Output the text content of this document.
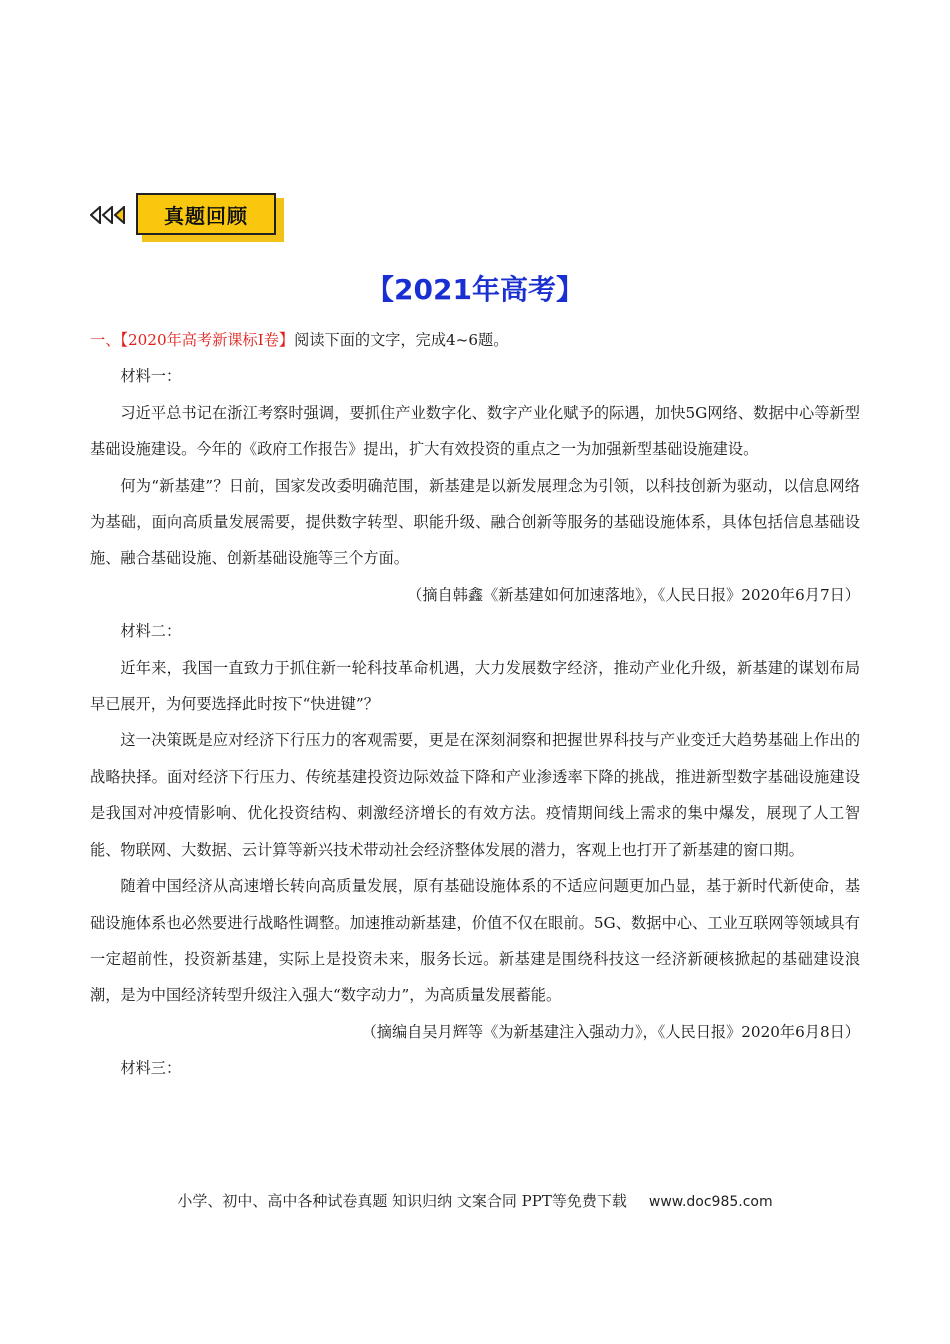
真题回顾
【2021年高考】

一、【2020年高考新课标Ⅰ卷】阅读下面的文字，完成4~6题。

材料一：

习近平总书记在浙江考察时强调，要抓住产业数字化、数字产业化赋予的际遇，加快5G网络、数据中心等新型基础设施建设。今年的《政府工作报告》提出，扩大有效投资的重点之一为加强新型基础设施建设。

何为“新基建”？日前，国家发改委明确范围，新基建是以新发展理念为引领，以科技创新为驱动，以信息网络为基础，面向高质量发展需要，提供数字转型、职能升级、融合创新等服务的基础设施体系，具体包括信息基础设施、融合基础设施、创新基础设施等三个方面。

（摘自韩鑫《新基建如何加速落地》，《人民日报》2020年6月7日）

材料二：

近年来，我国一直致力于抓住新一轮科技革命机遇，大力发展数字经济，推动产业化升级，新基建的谋划布局早已展开，为何要选择此时按下“快进键”？

这一决策既是应对经济下行压力的客观需要，更是在深刻洞察和把握世界科技与产业变迁大趋势基础上作出的战略抉择。面对经济下行压力、传统基建投资边际效益下降和产业渗透率下降的挑战，推进新型数字基础设施建设是我国对冲疫情影响、优化投资结构、刺激经济增长的有效方法。疫情期间线上需求的集中爆发，展现了人工智能、物联网、大数据、云计算等新兴技术带动社会经济整体发展的潜力，客观上也打开了新基建的窗口期。

随着中国经济从高速增长转向高质量发展，原有基础设施体系的不适应问题更加凸显，基于新时代新使命，基础设施体系也必然要进行战略性调整。加速推动新基建，价值不仅在眼前。5G、数据中心、工业互联网等领域具有一定超前性，投资新基建，实际上是投资未来，服务长远。新基建是围绕科技这一经济新硬核掀起的基础建设浪潮，是为中国经济转型升级注入强大“数字动力”，为高质量发展蓄能。

（摘编自吴月辉等《为新基建注入强动力》，《人民日报》2020年6月8日）

材料三：

小学、初中、高中各种试卷真题 知识归纳 文案合同 PPT等免费下载 www.doc985.com
